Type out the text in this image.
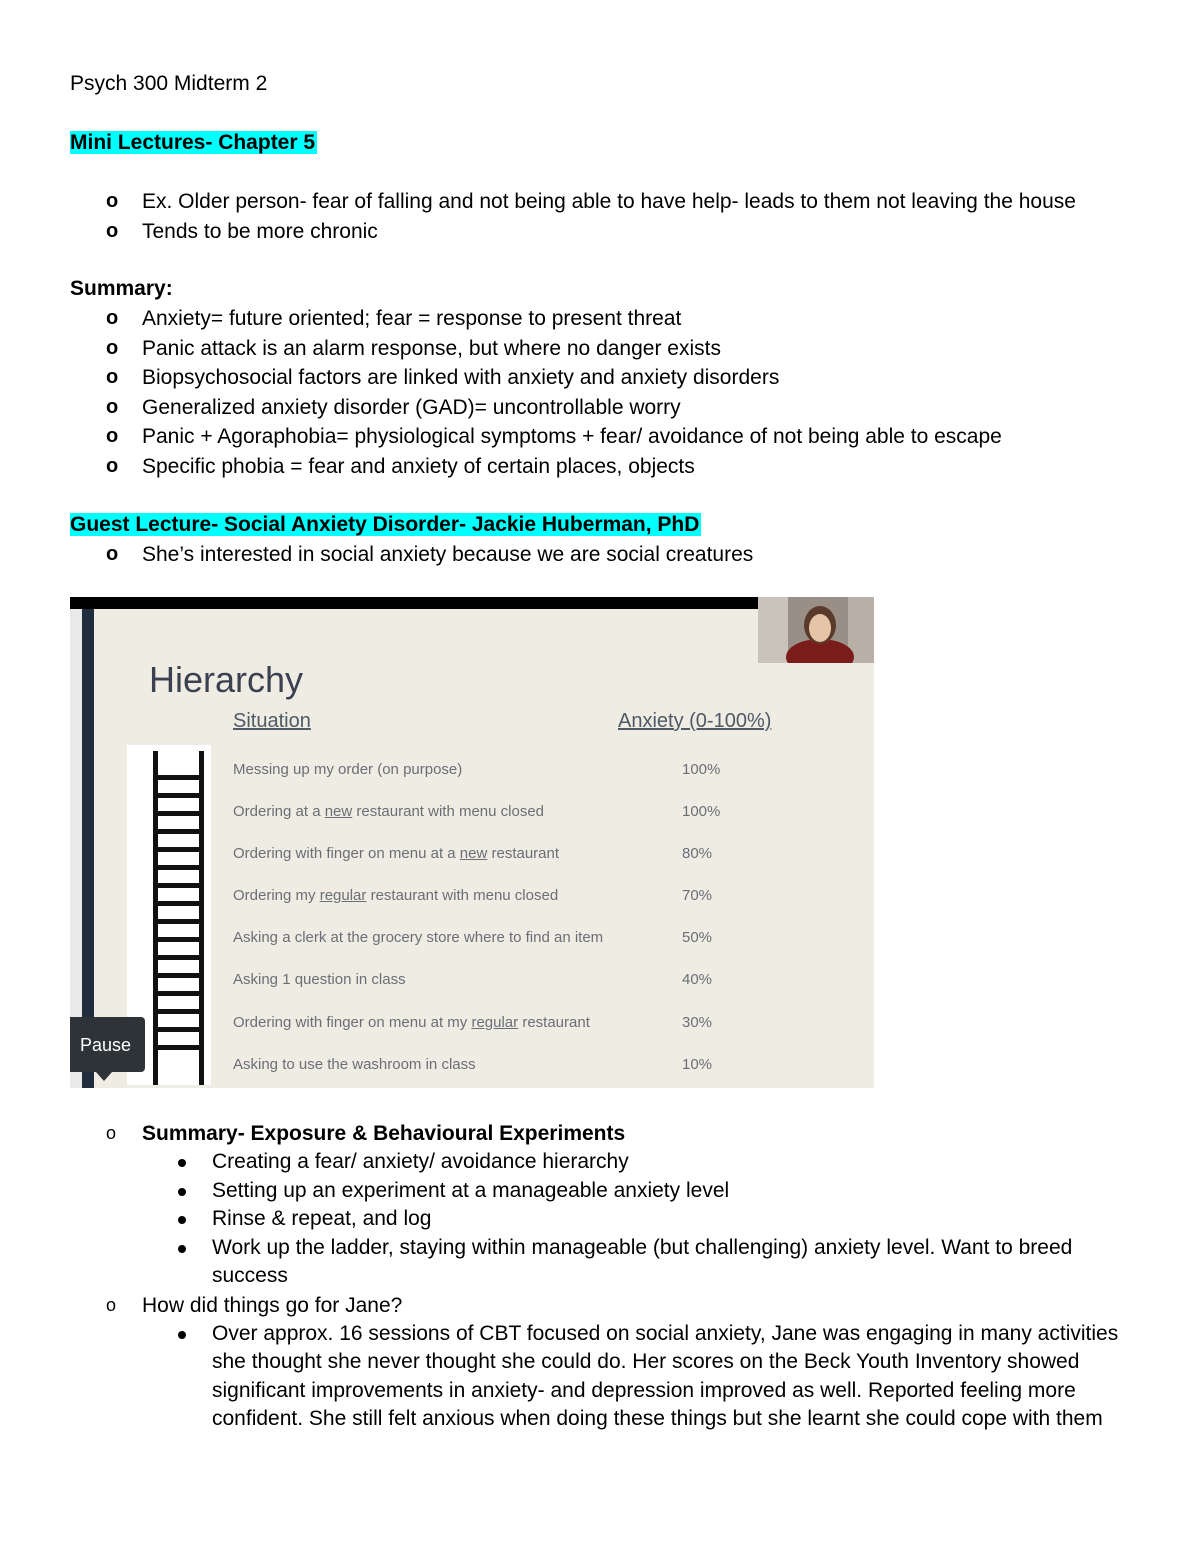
Psych 300 Midterm 2
Mini Lectures- Chapter 5
o Ex. Older person- fear of falling and not being able to have help- leads to them not leaving the house
o Tends to be more chronic
Summary:
o Anxiety= future oriented; fear = response to present threat
o Panic attack is an alarm response, but where no danger exists
o Biopsychosocial factors are linked with anxiety and anxiety disorders
o Generalized anxiety disorder (GAD)= uncontrollable worry
o Panic + Agoraphobia= physiological symptoms + fear/ avoidance of not being able to escape
o Specific phobia = fear and anxiety of certain places, objects
Guest Lecture- Social Anxiety Disorder- Jackie Huberman, PhD
o She’s interested in social anxiety because we are social creatures
Hierarchy
Situation	Anxiety (0-100%)
Messing up my order (on purpose)	100%
Ordering at a new restaurant with menu closed	100%
Ordering with finger on menu at a new restaurant	80%
Ordering my regular restaurant with menu closed	70%
Asking a clerk at the grocery store where to find an item	50%
Asking 1 question in class	40%
Ordering with finger on menu at my regular restaurant	30%
Asking to use the washroom in class	10%
Pause
o Summary- Exposure & Behavioural Experiments
Creating a fear/ anxiety/ avoidance hierarchy
Setting up an experiment at a manageable anxiety level
Rinse & repeat, and log
Work up the ladder, staying within manageable (but challenging) anxiety level. Want to breed success
o How did things go for Jane?
Over approx. 16 sessions of CBT focused on social anxiety, Jane was engaging in many activities she thought she never thought she could do. Her scores on the Beck Youth Inventory showed significant improvements in anxiety- and depression improved as well. Reported feeling more confident. She still felt anxious when doing these things but she learnt she could cope with them
